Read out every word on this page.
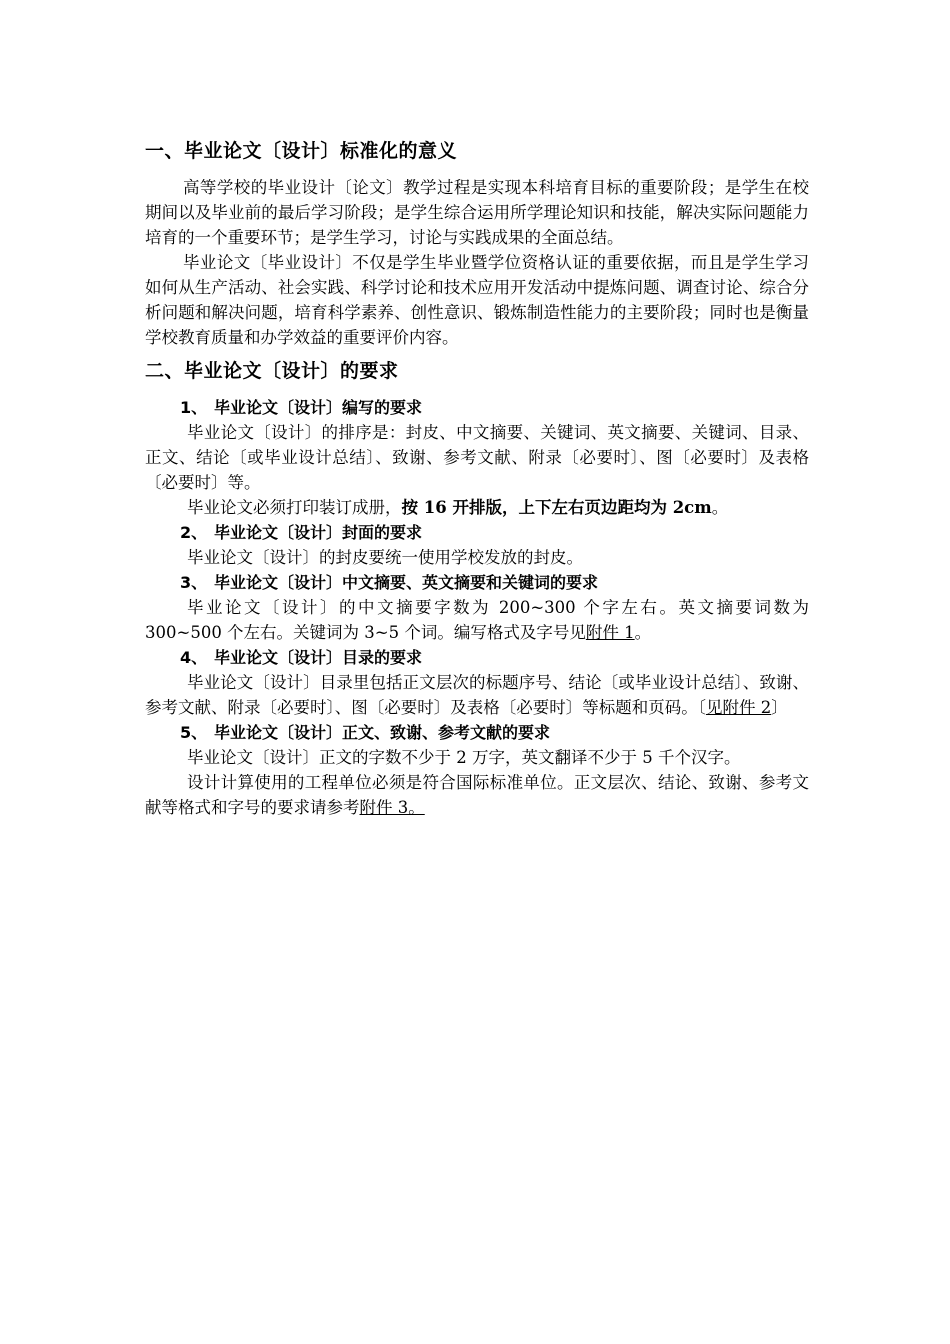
一、毕业论文〔设计〕标准化的意义

高等学校的毕业设计〔论文〕教学过程是实现本科培育目标的重要阶段；是学生在校期间以及毕业前的最后学习阶段；是学生综合运用所学理论知识和技能，解决实际问题能力培育的一个重要环节；是学生学习，讨论与实践成果的全面总结。

毕业论文〔毕业设计〕不仅是学生毕业暨学位资格认证的重要依据，而且是学生学习如何从生产活动、社会实践、科学讨论和技术应用开发活动中提炼问题、调查讨论、综合分析问题和解决问题，培育科学素养、创性意识、锻炼制造性能力的主要阶段；同时也是衡量学校教育质量和办学效益的重要评价内容。

二、毕业论文〔设计〕的要求

1、 毕业论文〔设计〕编写的要求

毕业论文〔设计〕的排序是：封皮、中文摘要、关键词、英文摘要、关键词、目录、正文、结论〔或毕业设计总结〕、致谢、参考文献、附录〔必要时〕、图〔必要时〕及表格〔必要时〕等。

毕业论文必须打印装订成册，按 16 开排版，上下左右页边距均为 2cm。

2、 毕业论文〔设计〕封面的要求

毕业论文〔设计〕的封皮要统一使用学校发放的封皮。

3、 毕业论文〔设计〕中文摘要、英文摘要和关键词的要求

毕业论文〔设计〕的中文摘要字数为 200~300 个字左右。英文摘要词数为 300~500 个左右。关键词为 3~5 个词。编写格式及字号见附件 1。

4、 毕业论文〔设计〕目录的要求

毕业论文〔设计〕目录里包括正文层次的标题序号、结论〔或毕业设计总结〕、致谢、参考文献、附录〔必要时〕、图〔必要时〕及表格〔必要时〕等标题和页码。〔见附件 2〕

5、 毕业论文〔设计〕正文、致谢、参考文献的要求

毕业论文〔设计〕正文的字数不少于 2 万字，英文翻译不少于 5 千个汉字。

设计计算使用的工程单位必须是符合国际标准单位。正文层次、结论、致谢、参考文献等格式和字号的要求请参考附件 3。
